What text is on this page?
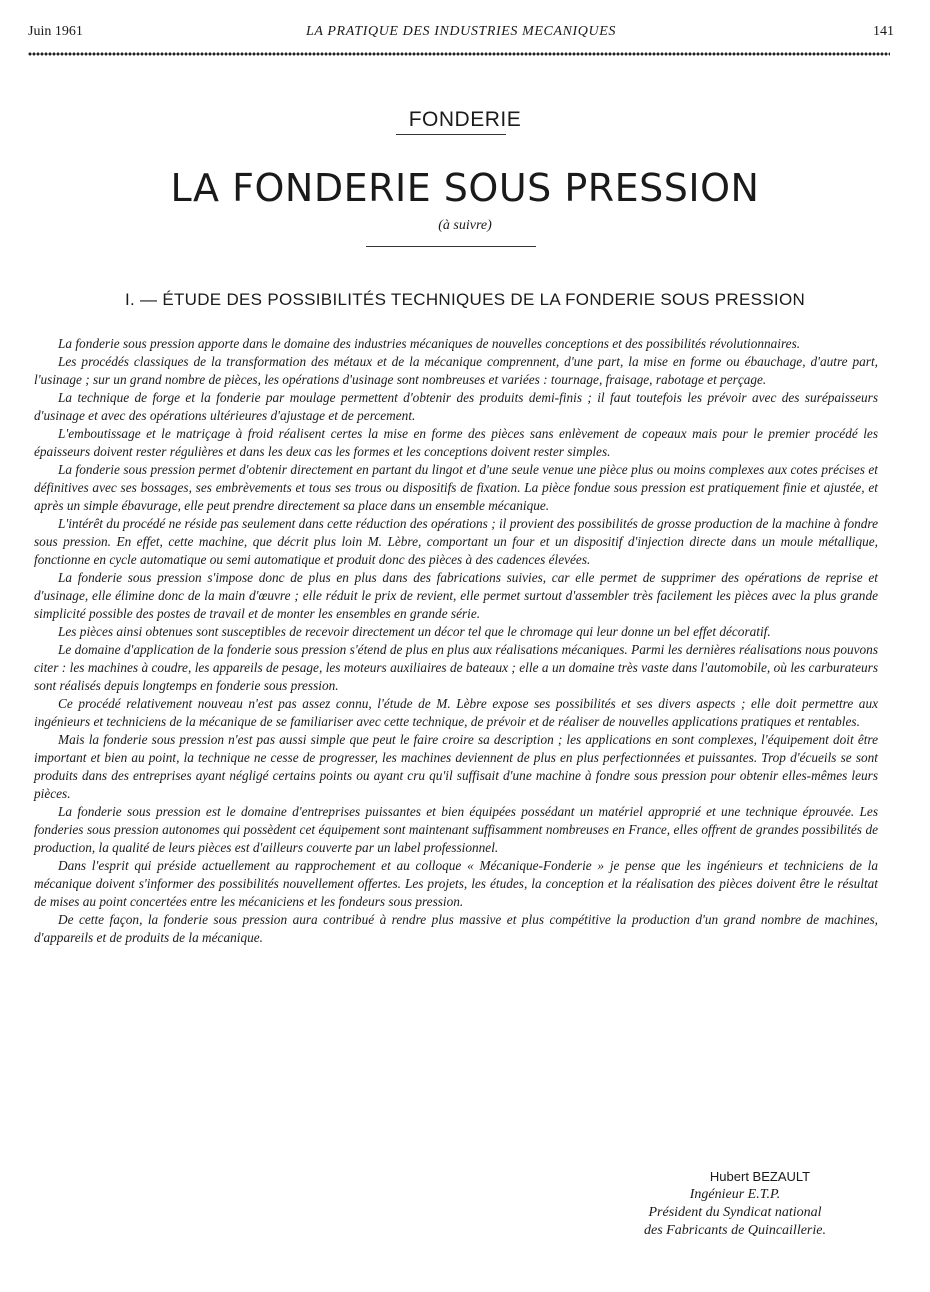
Juin 1961	LA PRATIQUE DES INDUSTRIES MECANIQUES	141
FONDERIE
LA FONDERIE SOUS PRESSION
(à suivre)
I. — ÉTUDE DES POSSIBILITÉS TECHNIQUES DE LA FONDERIE SOUS PRESSION

La fonderie sous pression apporte dans le domaine des industries mécaniques de nouvelles conceptions et des possibilités révolutionnaires.

Les procédés classiques de la transformation des métaux et de la mécanique comprennent, d'une part, la mise en forme ou ébauchage, d'autre part, l'usinage ; sur un grand nombre de pièces, les opérations d'usinage sont nombreuses et variées : tournage, fraisage, rabotage et perçage.

La technique de forge et la fonderie par moulage permettent d'obtenir des produits demi-finis ; il faut toutefois les prévoir avec des surépaisseurs d'usinage et avec des opérations ultérieures d'ajustage et de percement.

L'emboutissage et le matriçage à froid réalisent certes la mise en forme des pièces sans enlèvement de copeaux mais pour le premier procédé les épaisseurs doivent rester régulières et dans les deux cas les formes et les conceptions doivent rester simples.

La fonderie sous pression permet d'obtenir directement en partant du lingot et d'une seule venue une pièce plus ou moins complexes aux cotes précises et définitives avec ses bossages, ses embrèvements et tous ses trous ou dispositifs de fixation. La pièce fondue sous pression est pratiquement finie et ajustée, et après un simple ébavurage, elle peut prendre directement sa place dans un ensemble mécanique.

L'intérêt du procédé ne réside pas seulement dans cette réduction des opérations ; il provient des possibilités de grosse production de la machine à fondre sous pression. En effet, cette machine, que décrit plus loin M. Lèbre, comportant un four et un dispositif d'injection directe dans un moule métallique, fonctionne en cycle automatique ou semi automatique et produit donc des pièces à des cadences élevées.

La fonderie sous pression s'impose donc de plus en plus dans des fabrications suivies, car elle permet de supprimer des opérations de reprise et d'usinage, elle élimine donc de la main d'œuvre ; elle réduit le prix de revient, elle permet surtout d'assembler très facilement les pièces avec la plus grande simplicité possible des postes de travail et de monter les ensembles en grande série.

Les pièces ainsi obtenues sont susceptibles de recevoir directement un décor tel que le chromage qui leur donne un bel effet décoratif.

Le domaine d'application de la fonderie sous pression s'étend de plus en plus aux réalisations mécaniques. Parmi les dernières réalisations nous pouvons citer : les machines à coudre, les appareils de pesage, les moteurs auxiliaires de bateaux ; elle a un domaine très vaste dans l'automobile, où les carburateurs sont réalisés depuis longtemps en fonderie sous pression.

Ce procédé relativement nouveau n'est pas assez connu, l'étude de M. Lèbre expose ses possibilités et ses divers aspects ; elle doit permettre aux ingénieurs et techniciens de la mécanique de se familiariser avec cette technique, de prévoir et de réaliser de nouvelles applications pratiques et rentables.

Mais la fonderie sous pression n'est pas aussi simple que peut le faire croire sa description ; les applications en sont complexes, l'équipement doit être important et bien au point, la technique ne cesse de progresser, les machines deviennent de plus en plus perfectionnées et puissantes. Trop d'écueils se sont produits dans des entreprises ayant négligé certains points ou ayant cru qu'il suffisait d'une machine à fondre sous pression pour obtenir elles-mêmes leurs pièces.

La fonderie sous pression est le domaine d'entreprises puissantes et bien équipées possédant un matériel approprié et une technique éprouvée. Les fonderies sous pression autonomes qui possèdent cet équipement sont maintenant suffisamment nombreuses en France, elles offrent de grandes possibilités de production, la qualité de leurs pièces est d'ailleurs couverte par un label professionnel.

Dans l'esprit qui préside actuellement au rapprochement et au colloque « Mécanique-Fonderie » je pense que les ingénieurs et techniciens de la mécanique doivent s'informer des possibilités nouvellement offertes. Les projets, les études, la conception et la réalisation des pièces doivent être le résultat de mises au point concertées entre les mécaniciens et les fondeurs sous pression.

De cette façon, la fonderie sous pression aura contribué à rendre plus massive et plus compétitive la production d'un grand nombre de machines, d'appareils et de produits de la mécanique.

Hubert BEZAULT
Ingénieur E.T.P.
Président du Syndicat national
des Fabricants de Quincaillerie.
